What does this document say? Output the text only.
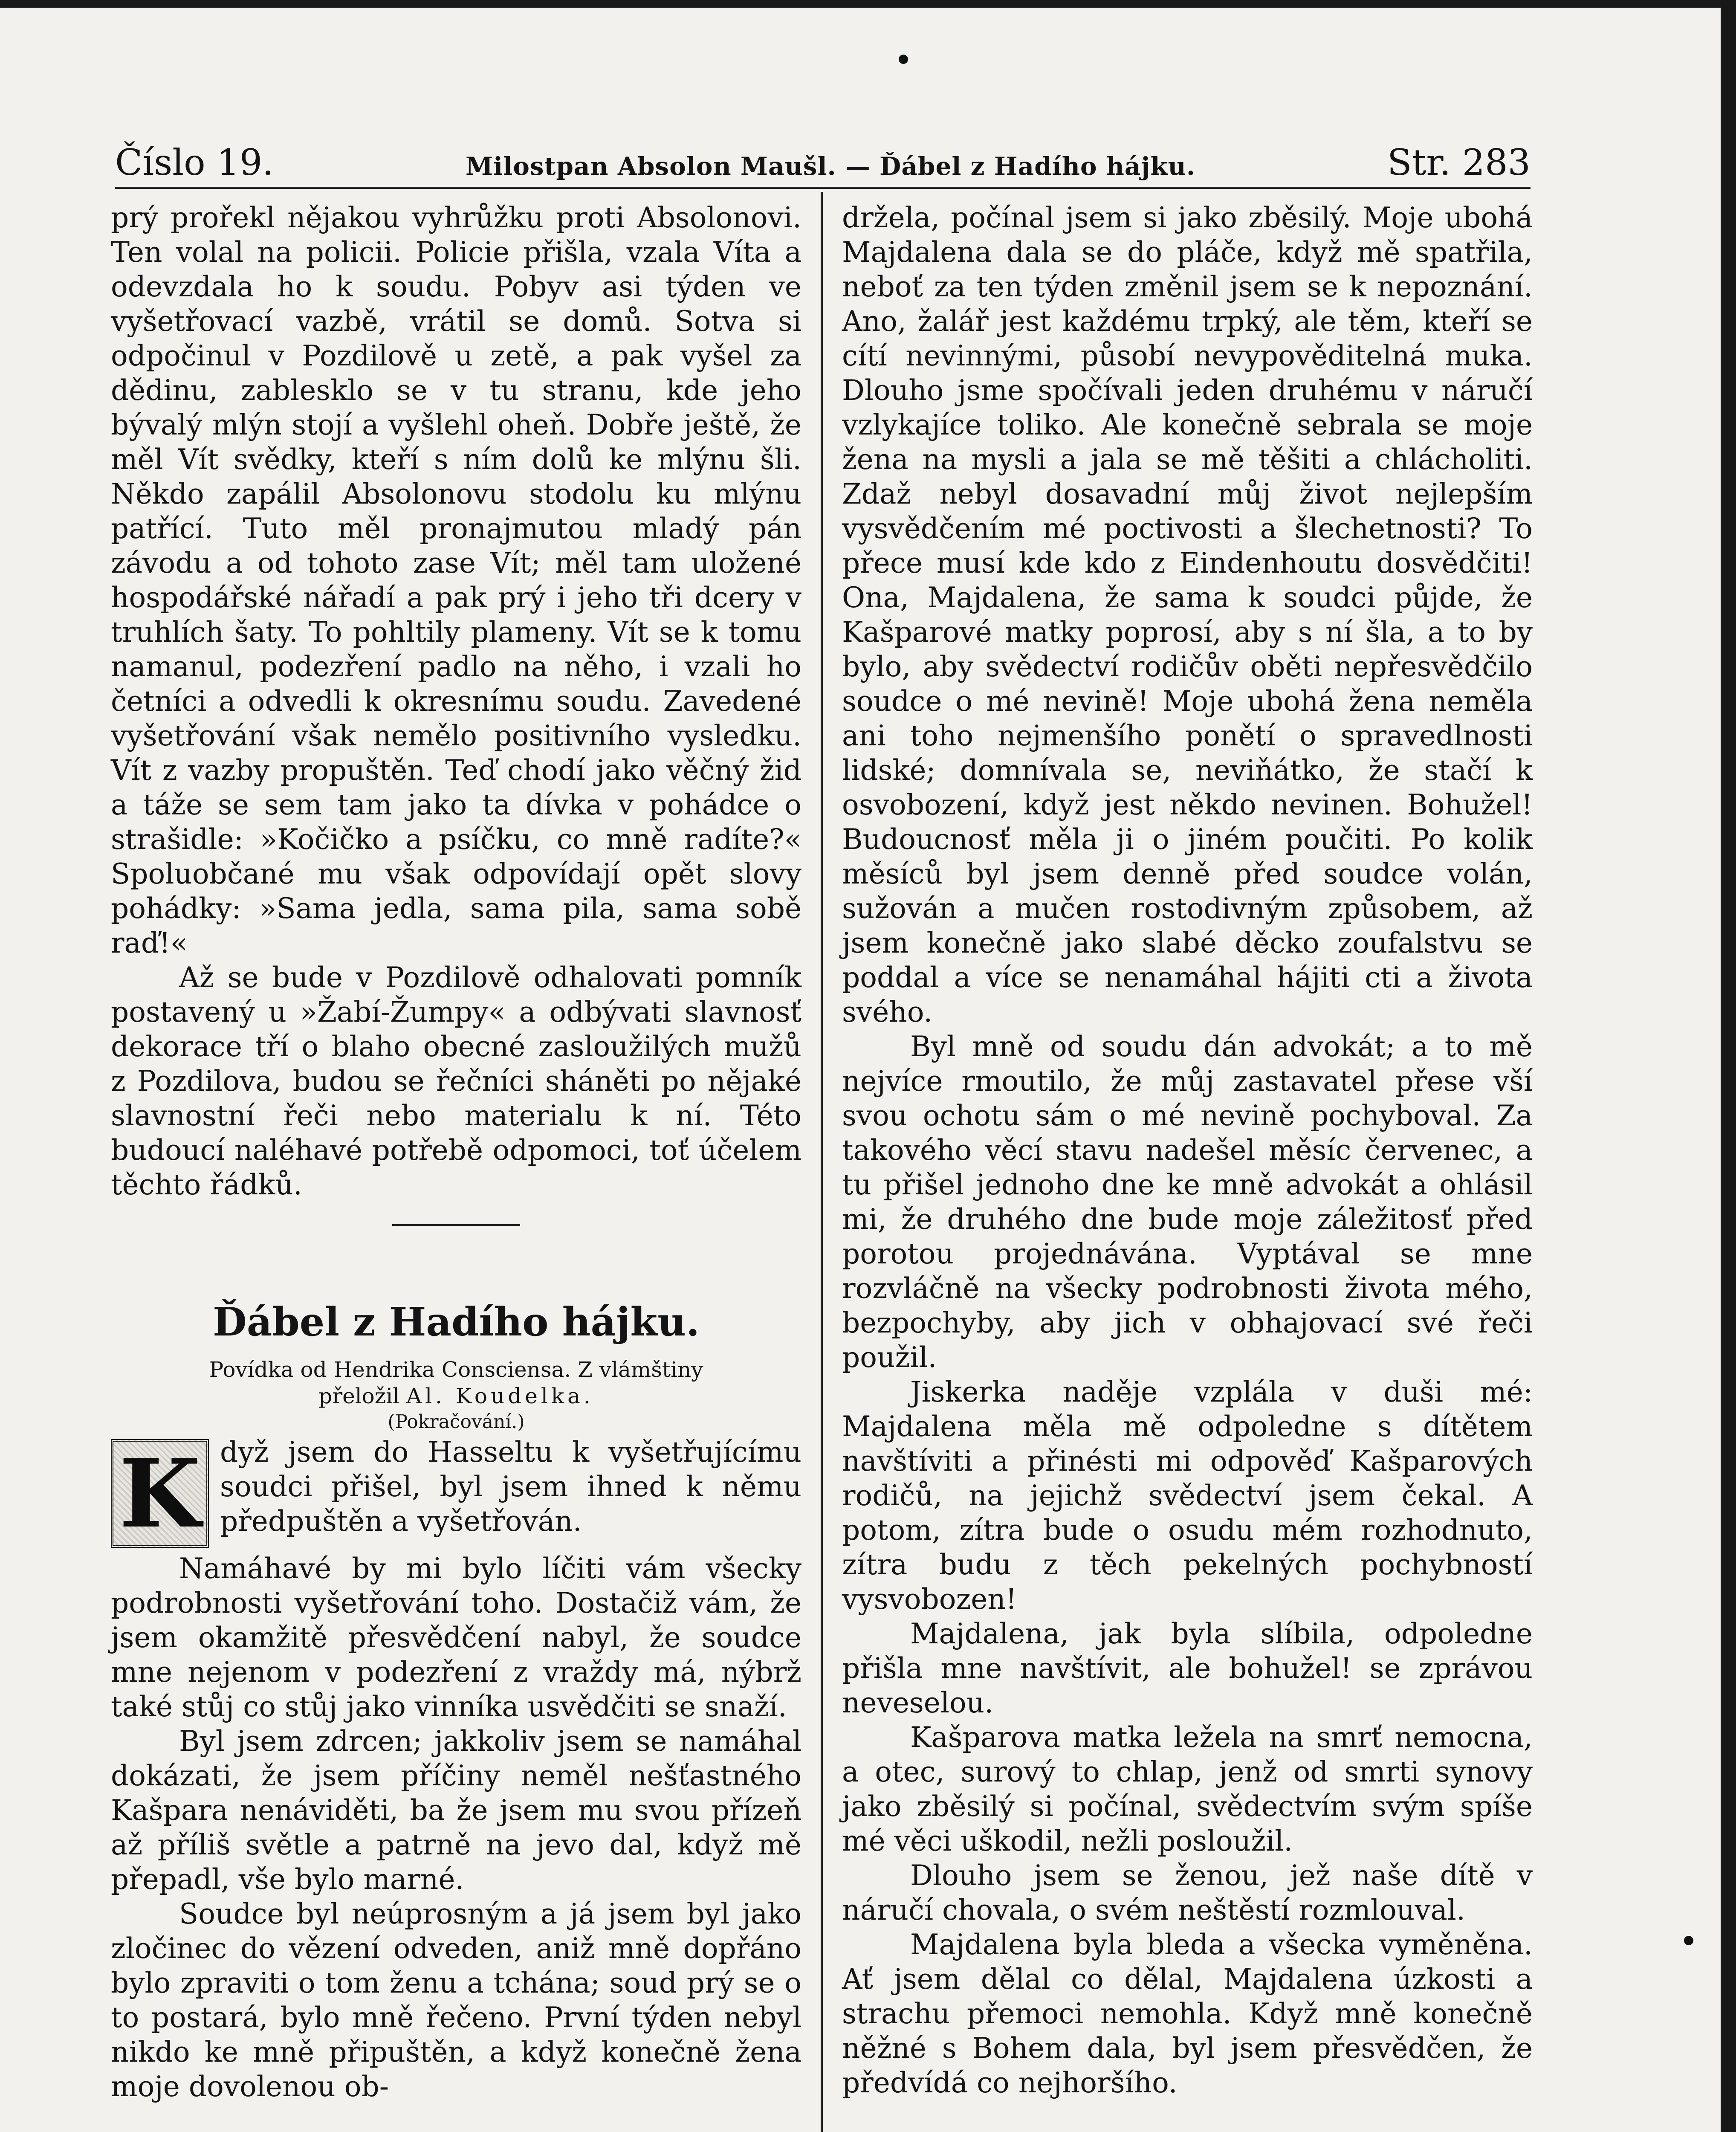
Číslo 19.	Milostpan Absolon Maušl. — Ďábel z Hadího hájku.	Str. 283

prý prořekl nějakou vyhrůžku proti Absolonovi. Ten volal na policii. Policie přišla, vzala Víta a odevzdala ho k soudu. Pobyv asi týden ve vyšetřovací vazbě, vrátil se domů. Sotva si odpočinul v Pozdilově u zetě, a pak vyšel za dědinu, zablesklo se v tu stranu, kde jeho bývalý mlýn stojí a vyšlehl oheň. Dobře ještě, že měl Vít svědky, kteří s ním dolů ke mlýnu šli. Někdo zapálil Absolonovu stodolu ku mlýnu patřící. Tuto měl pronajmutou mladý pán závodu a od tohoto zase Vít; měl tam uložené hospodářské nářadí a pak prý i jeho tři dcery v truhlích šaty. To pohltily plameny. Vít se k tomu namanul, podezření padlo na něho, i vzali ho četníci a odvedli k okresnímu soudu. Zavedené vyšetřování však nemělo positivního vysledku. Vít z vazby propuštěn. Teď chodí jako věčný žid a táže se sem tam jako ta dívka v pohádce o strašidle: »Kočičko a psíčku, co mně radíte?« Spoluobčané mu však odpovídají opět slovy pohádky: »Sama jedla, sama pila, sama sobě raď!«

Až se bude v Pozdilově odhalovati pomník postavený u »Žabí-Žumpy« a odbývati slavnosť dekorace tří o blaho obecné zasloužilých mužů z Pozdilova, budou se řečníci sháněti po nějaké slavnostní řeči nebo materialu k ní. Této budoucí naléhavé potřebě odpomoci, toť účelem těchto řádků.

Ďábel z Hadího hájku.

Povídka od Hendrika Consciensa. Z vlámštiny
přeložil Al. Koudelka.

(Pokračování.)

K dyž jsem do Hasseltu k vyšetřujícímu soudci přišel, byl jsem ihned k němu předpuštěn a vyšetřován.

Namáhavé by mi bylo líčiti vám všecky podrobnosti vyšetřování toho. Dostačiž vám, že jsem okamžitě přesvědčení nabyl, že soudce mne nejenom v podezření z vraždy má, nýbrž také stůj co stůj jako vinníka usvědčiti se snaží.

Byl jsem zdrcen; jakkoliv jsem se namáhal dokázati, že jsem příčiny neměl nešťastného Kašpara nenáviděti, ba že jsem mu svou přízeň až příliš světle a patrně na jevo dal, když mě přepadl, vše bylo marné.

Soudce byl neúprosným a já jsem byl jako zločinec do vězení odveden, aniž mně dopřáno bylo zpraviti o tom ženu a tchána; soud prý se o to postará, bylo mně řečeno. První týden nebyl nikdo ke mně připuštěn, a když konečně žena moje dovolenou ob-

držela, počínal jsem si jako zběsilý. Moje ubohá Majdalena dala se do pláče, když mě spatřila, neboť za ten týden změnil jsem se k nepoznání. Ano, žalář jest každému trpký, ale těm, kteří se cítí nevinnými, působí nevypověditelná muka. Dlouho jsme spočívali jeden druhému v náručí vzlykajíce toliko. Ale konečně sebrala se moje žena na mysli a jala se mě těšiti a chlácholiti. Zdaž nebyl dosavadní můj život nejlepším vysvědčením mé poctivosti a šlechetnosti? To přece musí kde kdo z Eindenhoutu dosvědčiti! Ona, Majdalena, že sama k soudci půjde, že Kašparové matky poprosí, aby s ní šla, a to by bylo, aby svědectví rodičův oběti nepřesvědčilo soudce o mé nevině! Moje ubohá žena neměla ani toho nejmenšího ponětí o spravedlnosti lidské; domnívala se, neviňátko, že stačí k osvobození, když jest někdo nevinen. Bohužel! Budoucnosť měla ji o jiném poučiti. Po kolik měsíců byl jsem denně před soudce volán, sužován a mučen rostodivným způsobem, až jsem konečně jako slabé děcko zoufalstvu se poddal a více se nenamáhal hájiti cti a života svého.

Byl mně od soudu dán advokát; a to mě nejvíce rmoutilo, že můj zastavatel přese vší svou ochotu sám o mé nevině pochyboval. Za takového věcí stavu nadešel měsíc červenec, a tu přišel jednoho dne ke mně advokát a ohlásil mi, že druhého dne bude moje záležitosť před porotou projednávána. Vyptával se mne rozvláčně na všecky podrobnosti života mého, bezpochyby, aby jich v obhajovací své řeči použil.

Jiskerka naděje vzplála v duši mé: Majdalena měla mě odpoledne s dítětem navštíviti a přinésti mi odpověď Kašparových rodičů, na jejichž svědectví jsem čekal. A potom, zítra bude o osudu mém rozhodnuto, zítra budu z těch pekelných pochybností vysvobozen!

Majdalena, jak byla slíbila, odpoledne přišla mne navštívit, ale bohužel! se zprávou neveselou.

Kašparova matka ležela na smrť nemocna, a otec, surový to chlap, jenž od smrti synovy jako zběsilý si počínal, svědectvím svým spíše mé věci uškodil, nežli posloužil.

Dlouho jsem se ženou, jež naše dítě v náručí chovala, o svém neštěstí rozmlouval.

Majdalena byla bleda a všecka vyměněna. Ať jsem dělal co dělal, Majdalena úzkosti a strachu přemoci nemohla. Když mně konečně něžné s Bohem dala, byl jsem přesvědčen, že předvídá co nejhoršího.
